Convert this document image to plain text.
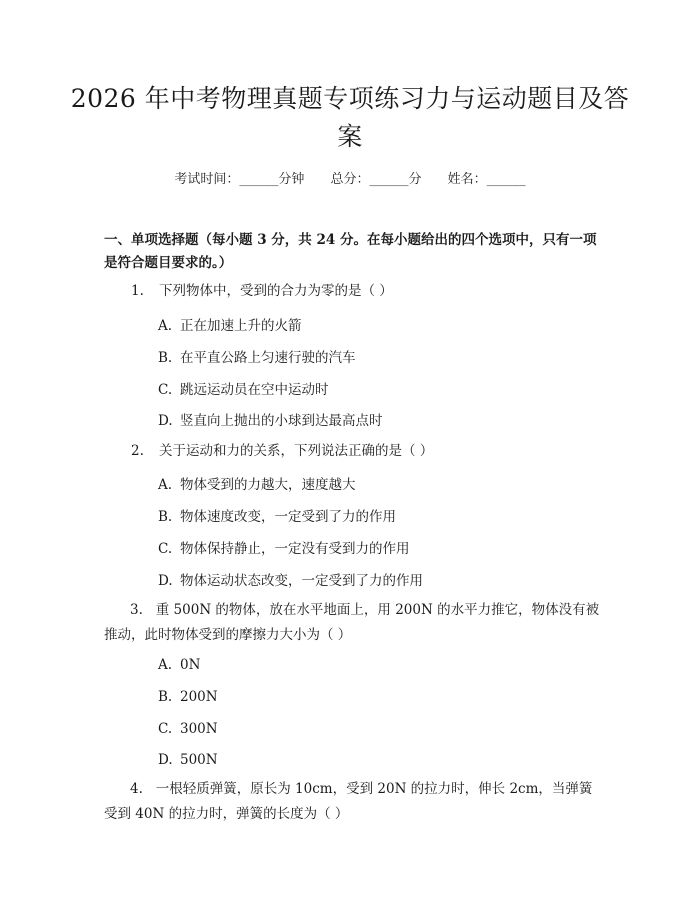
2026 年中考物理真题专项练习力与运动题目及答案
考试时间：______分钟 总分：______分 姓名：______
一、单项选择题（每小题 3 分，共 24 分。在每小题给出的四个选项中，只有一项是符合题目要求的。）
1. 下列物体中，受到的合力为零的是（ ）
A. 正在加速上升的火箭
B. 在平直公路上匀速行驶的汽车
C. 跳远运动员在空中运动时
D. 竖直向上抛出的小球到达最高点时
2. 关于运动和力的关系，下列说法正确的是（ ）
A. 物体受到的力越大，速度越大
B. 物体速度改变，一定受到了力的作用
C. 物体保持静止，一定没有受到力的作用
D. 物体运动状态改变，一定受到了力的作用
3. 重 500N 的物体，放在水平地面上，用 200N 的水平力推它，物体没有被推动，此时物体受到的摩擦力大小为（ ）
A. 0N
B. 200N
C. 300N
D. 500N
4. 一根轻质弹簧，原长为 10cm，受到 20N 的拉力时，伸长 2cm，当弹簧受到 40N 的拉力时，弹簧的长度为（ ）
